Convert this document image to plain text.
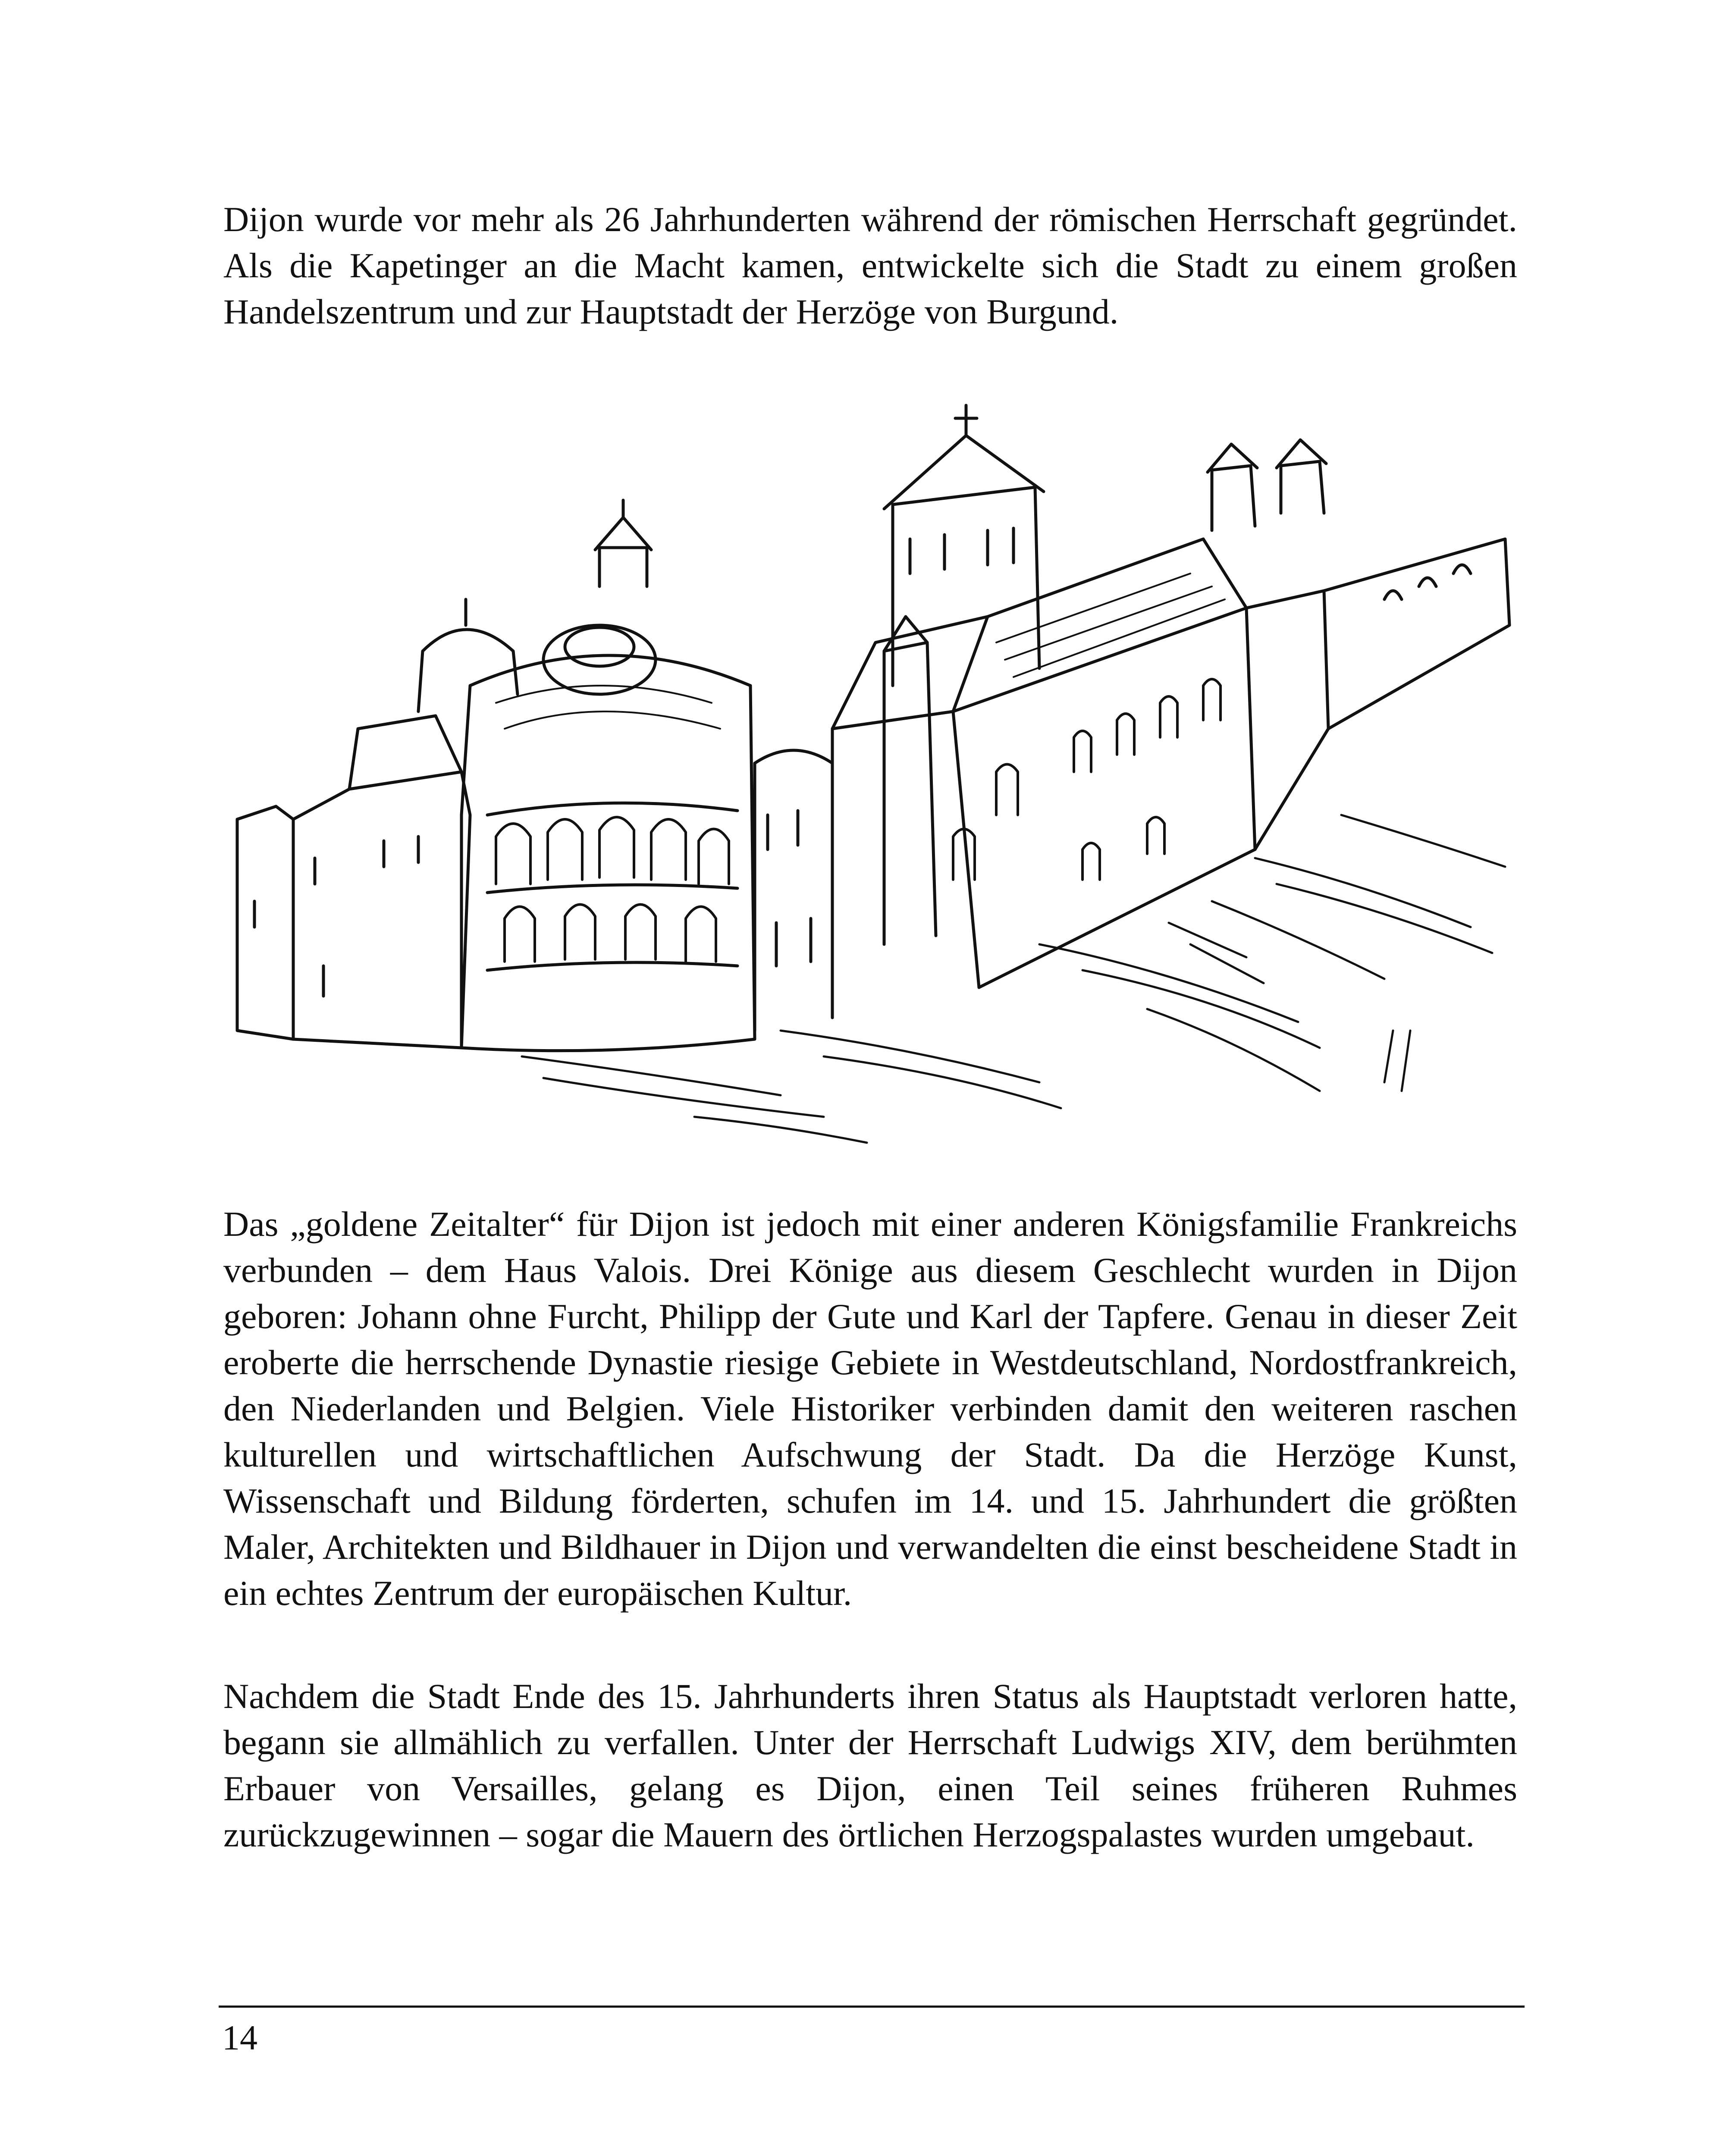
Dijon wurde vor mehr als 26 Jahrhunderten während der römischen Herrschaft gegründet. Als die Kapetinger an die Macht kamen, entwickelte sich die Stadt zu einem großen Handelszentrum und zur Hauptstadt der Herzöge von Burgund.

Das „goldene Zeitalter“ für Dijon ist jedoch mit einer anderen Königsfamilie Frankreichs verbunden – dem Haus Valois. Drei Könige aus diesem Geschlecht wurden in Dijon geboren: Johann ohne Furcht, Philipp der Gute und Karl der Tapfere. Genau in dieser Zeit eroberte die herrschende Dynastie riesige Gebiete in Westdeutschland, Nordostfrankreich, den Niederlanden und Belgien. Viele Historiker verbinden damit den weiteren raschen kulturellen und wirtschaftlichen Aufschwung der Stadt. Da die Herzöge Kunst, Wissenschaft und Bildung förderten, schufen im 14. und 15. Jahrhundert die größten Maler, Architekten und Bildhauer in Dijon und verwandelten die einst bescheidene Stadt in ein echtes Zentrum der europäischen Kultur.

Nachdem die Stadt Ende des 15. Jahrhunderts ihren Status als Hauptstadt verloren hatte, begann sie allmählich zu verfallen. Unter der Herrschaft Ludwigs XIV, dem berühmten Erbauer von Versailles, gelang es Dijon, einen Teil seines früheren Ruhmes zurückzugewinnen – sogar die Mauern des örtlichen Herzogspalastes wurden umgebaut.

14
